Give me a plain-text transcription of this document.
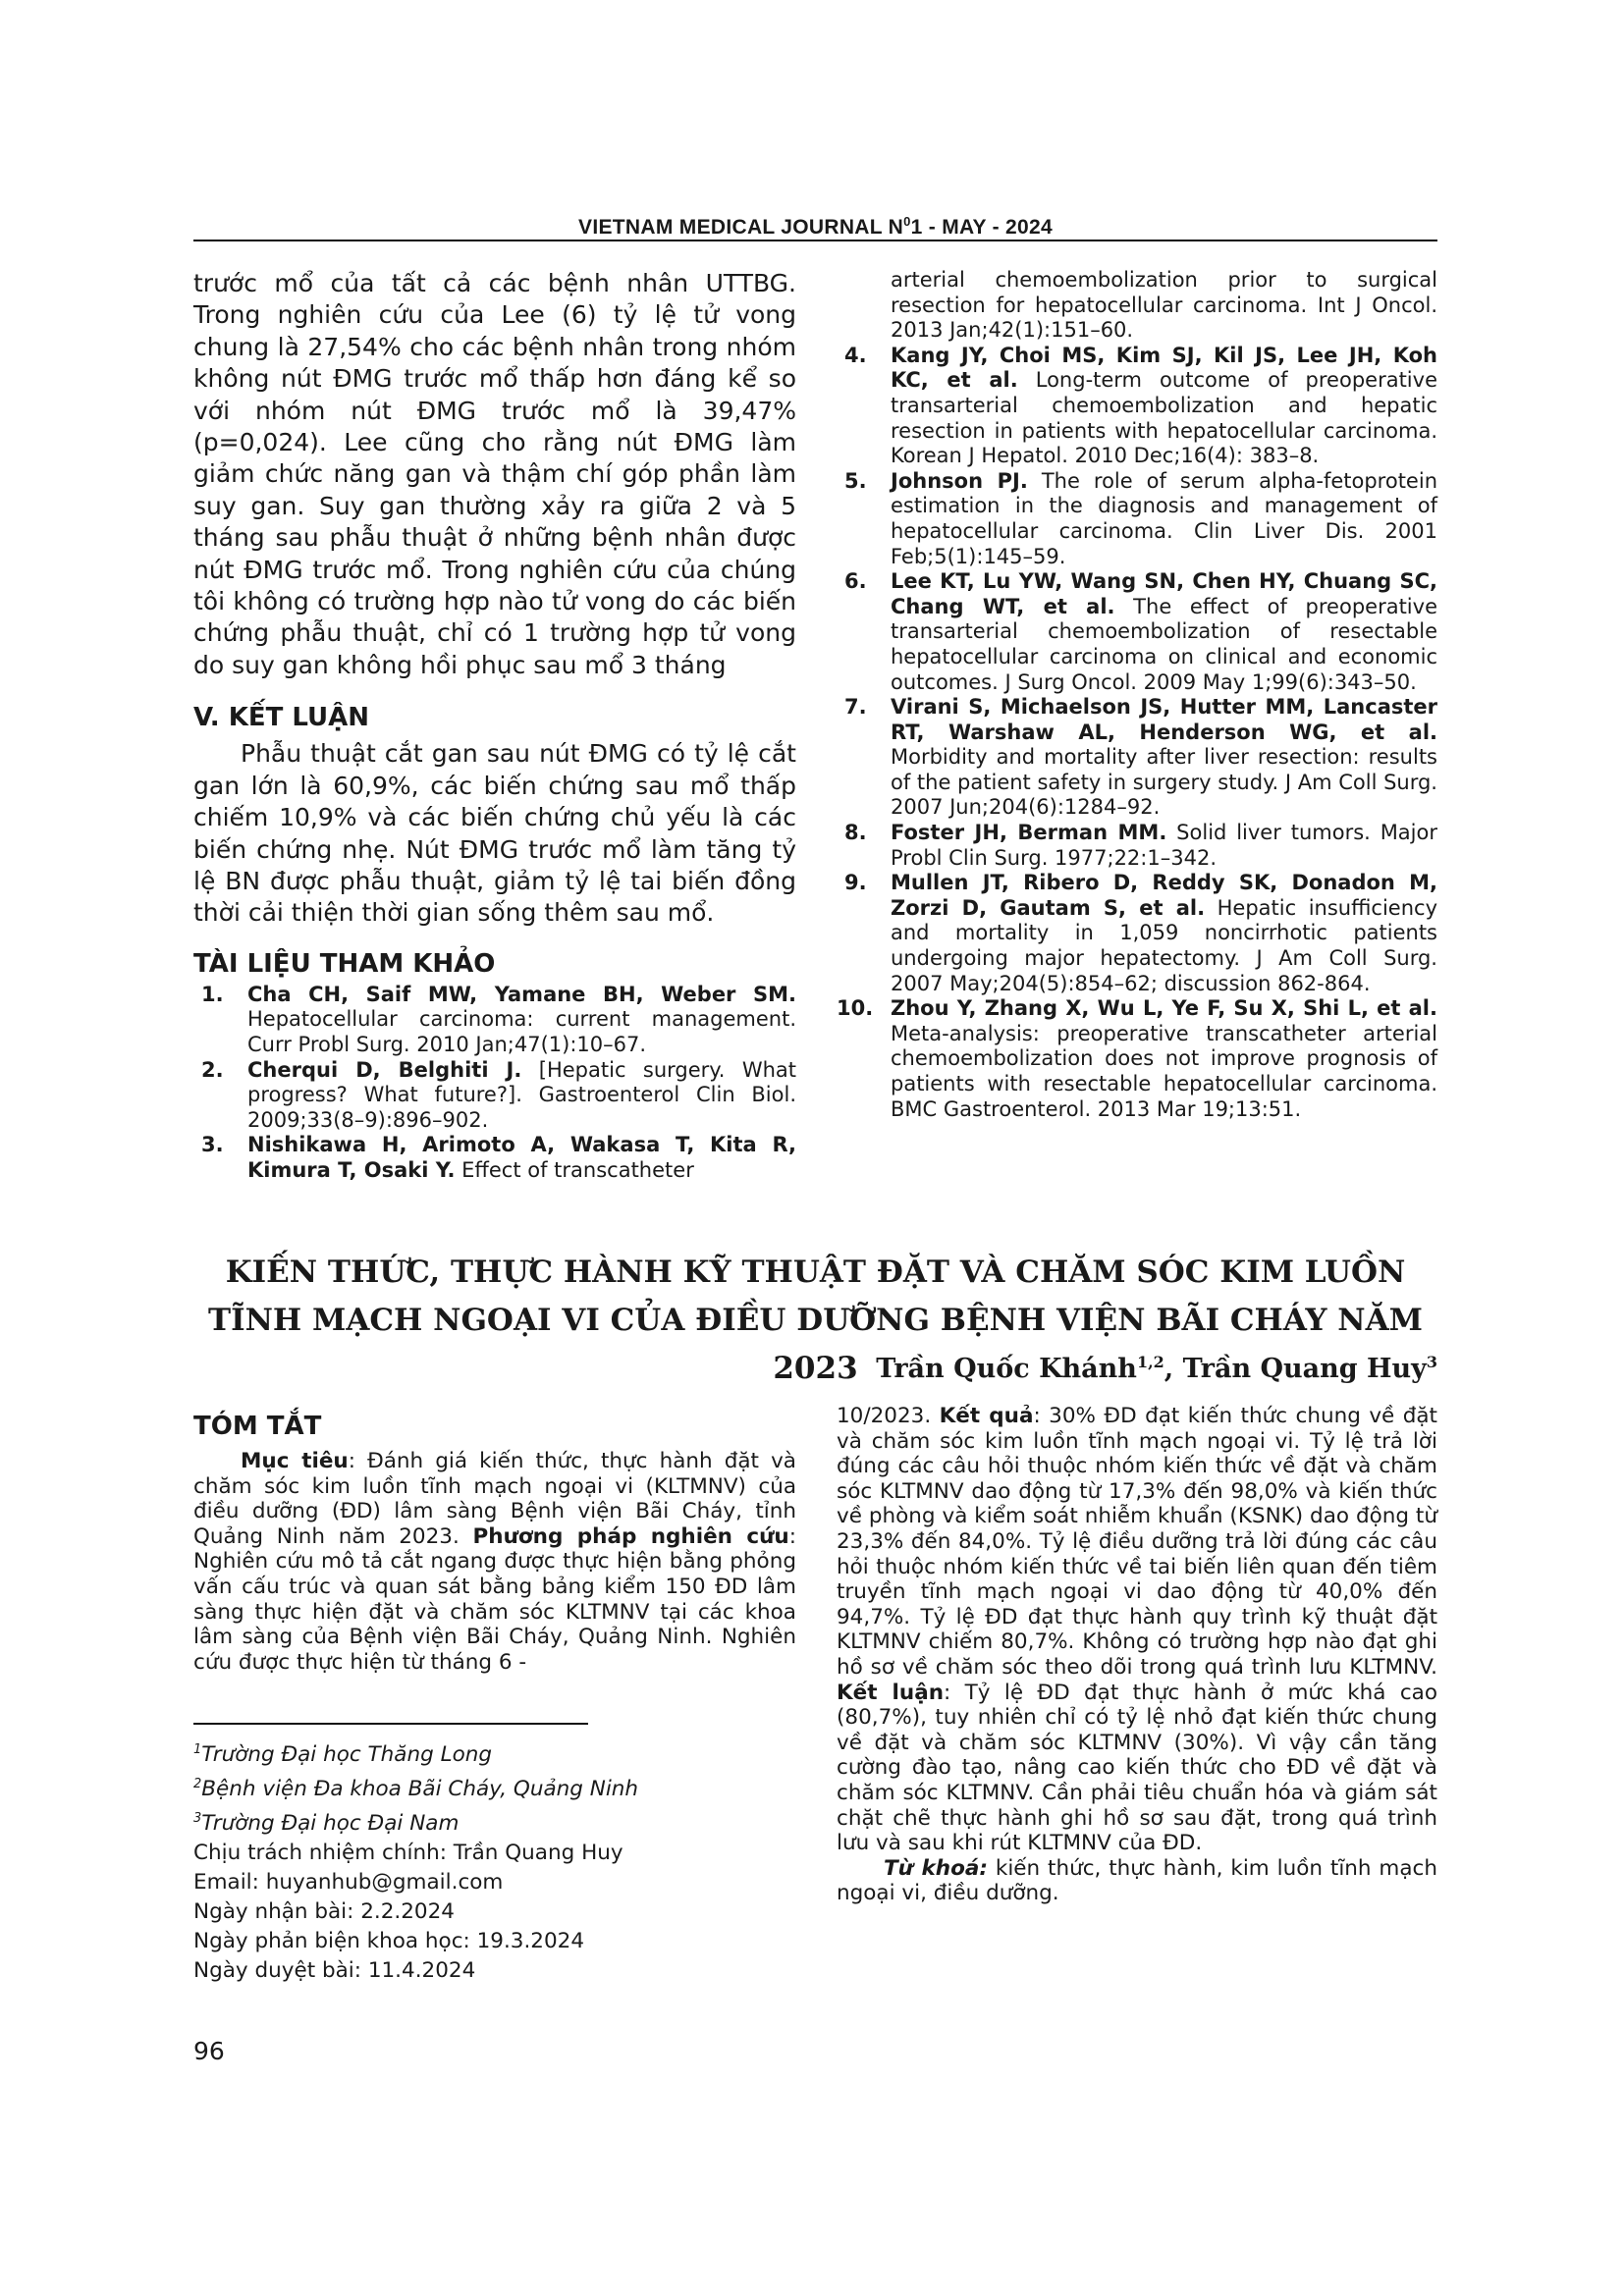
VIETNAM MEDICAL JOURNAL $N^01$ - MAY - 2024

trước mổ của tất cả các bệnh nhân UTTBG. Trong nghiên cứu của Lee (6) tỷ lệ tử vong chung là 27,54% cho các bệnh nhân trong nhóm không nút ĐMG trước mổ thấp hơn đáng kể so với nhóm nút ĐMG trước mổ là 39,47% (p=0,024). Lee cũng cho rằng nút ĐMG làm giảm chức năng gan và thậm chí góp phần làm suy gan. Suy gan thường xảy ra giữa 2 và 5 tháng sau phẫu thuật ở những bệnh nhân được nút ĐMG trước mổ. Trong nghiên cứu của chúng tôi không có trường hợp nào tử vong do các biến chứng phẫu thuật, chỉ có 1 trường hợp tử vong do suy gan không hồi phục sau mổ 3 tháng

V. KẾT LUẬN

Phẫu thuật cắt gan sau nút ĐMG có tỷ lệ cắt gan lớn là 60,9%, các biến chứng sau mổ thấp chiếm 10,9% và các biến chứng chủ yếu là các biến chứng nhẹ. Nút ĐMG trước mổ làm tăng tỷ lệ BN được phẫu thuật, giảm tỷ lệ tai biến đồng thời cải thiện thời gian sống thêm sau mổ.

TÀI LIỆU THAM KHẢO

1. Cha CH, Saif MW, Yamane BH, Weber SM. Hepatocellular carcinoma: current management. Curr Probl Surg. 2010 Jan;47(1):10–67.

2. Cherqui D, Belghiti J. [Hepatic surgery. What progress? What future?]. Gastroenterol Clin Biol. 2009;33(8–9):896–902.

3. Nishikawa H, Arimoto A, Wakasa T, Kita R, Kimura T, Osaki Y. Effect of transcatheter

arterial chemoembolization prior to surgical resection for hepatocellular carcinoma. Int J Oncol. 2013 Jan;42(1):151–60.

4. Kang JY, Choi MS, Kim SJ, Kil JS, Lee JH, Koh KC, et al. Long-term outcome of preoperative transarterial chemoembolization and hepatic resection in patients with hepatocellular carcinoma. Korean J Hepatol. 2010 Dec;16(4): 383–8.

5. Johnson PJ. The role of serum alpha-fetoprotein estimation in the diagnosis and management of hepatocellular carcinoma. Clin Liver Dis. 2001 Feb;5(1):145–59.

6. Lee KT, Lu YW, Wang SN, Chen HY, Chuang SC, Chang WT, et al. The effect of preoperative transarterial chemoembolization of resectable hepatocellular carcinoma on clinical and economic outcomes. J Surg Oncol. 2009 May 1;99(6):343–50.

7. Virani S, Michaelson JS, Hutter MM, Lancaster RT, Warshaw AL, Henderson WG, et al. Morbidity and mortality after liver resection: results of the patient safety in surgery study. J Am Coll Surg. 2007 Jun;204(6):1284–92.

8. Foster JH, Berman MM. Solid liver tumors. Major Probl Clin Surg. 1977;22:1–342.

9. Mullen JT, Ribero D, Reddy SK, Donadon M, Zorzi D, Gautam S, et al. Hepatic insufficiency and mortality in 1,059 noncirrhotic patients undergoing major hepatectomy. J Am Coll Surg. 2007 May;204(5):854–62; discussion 862-864.

10. Zhou Y, Zhang X, Wu L, Ye F, Su X, Shi L, et al. Meta-analysis: preoperative transcatheter arterial chemoembolization does not improve prognosis of patients with resectable hepatocellular carcinoma. BMC Gastroenterol. 2013 Mar 19;13:51.

KIẾN THỨC, THỰC HÀNH KỸ THUẬT ĐẶT VÀ CHĂM SÓC KIM LUỒN TĨNH MẠCH NGOẠI VI CỦA ĐIỀU DƯỠNG BỆNH VIỆN BÃI CHÁY NĂM 2023 Trần Quốc Khánh$^{1,2}$, Trần Quang Huy$^3$

TÓM TẮT

Mục tiêu: Đánh giá kiến thức, thực hành đặt và chăm sóc kim luồn tĩnh mạch ngoại vi (KLTMNV) của điều dưỡng (ĐD) lâm sàng Bệnh viện Bãi Cháy, tỉnh Quảng Ninh năm 2023. Phương pháp nghiên cứu: Nghiên cứu mô tả cắt ngang được thực hiện bằng phỏng vấn cấu trúc và quan sát bằng bảng kiểm 150 ĐD lâm sàng thực hiện đặt và chăm sóc KLTMNV tại các khoa lâm sàng của Bệnh viện Bãi Cháy, Quảng Ninh. Nghiên cứu được thực hiện từ tháng 6 -

10/2023. Kết quả: 30% ĐD đạt kiến thức chung về đặt và chăm sóc kim luồn tĩnh mạch ngoại vi. Tỷ lệ trả lời đúng các câu hỏi thuộc nhóm kiến thức về đặt và chăm sóc KLTMNV dao động từ 17,3% đến 98,0% và kiến thức về phòng và kiểm soát nhiễm khuẩn (KSNK) dao động từ 23,3% đến 84,0%. Tỷ lệ điều dưỡng trả lời đúng các câu hỏi thuộc nhóm kiến thức về tai biến liên quan đến tiêm truyền tĩnh mạch ngoại vi dao động từ 40,0% đến 94,7%. Tỷ lệ ĐD đạt thực hành quy trình kỹ thuật đặt KLTMNV chiếm 80,7%. Không có trường hợp nào đạt ghi hồ sơ về chăm sóc theo dõi trong quá trình lưu KLTMNV. Kết luận: Tỷ lệ ĐD đạt thực hành ở mức khá cao (80,7%), tuy nhiên chỉ có tỷ lệ nhỏ đạt kiến thức chung về đặt và chăm sóc KLTMNV (30%). Vì vậy cần tăng cường đào tạo, nâng cao kiến thức cho ĐD về đặt và chăm sóc KLTMNV. Cần phải tiêu chuẩn hóa và giám sát chặt chẽ thực hành ghi hồ sơ sau đặt, trong quá trình lưu và sau khi rút KLTMNV của ĐD.

Từ khoá: kiến thức, thực hành, kim luồn tĩnh mạch ngoại vi, điều dưỡng.

$^1$Trường Đại học Thăng Long

$^2$Bệnh viện Đa khoa Bãi Cháy, Quảng Ninh

$^3$Trường Đại học Đại Nam

Chịu trách nhiệm chính: Trần Quang Huy

Email: huyanhub@gmail.com

Ngày nhận bài: 2.2.2024

Ngày phản biện khoa học: 19.3.2024

Ngày duyệt bài: 11.4.2024

96
